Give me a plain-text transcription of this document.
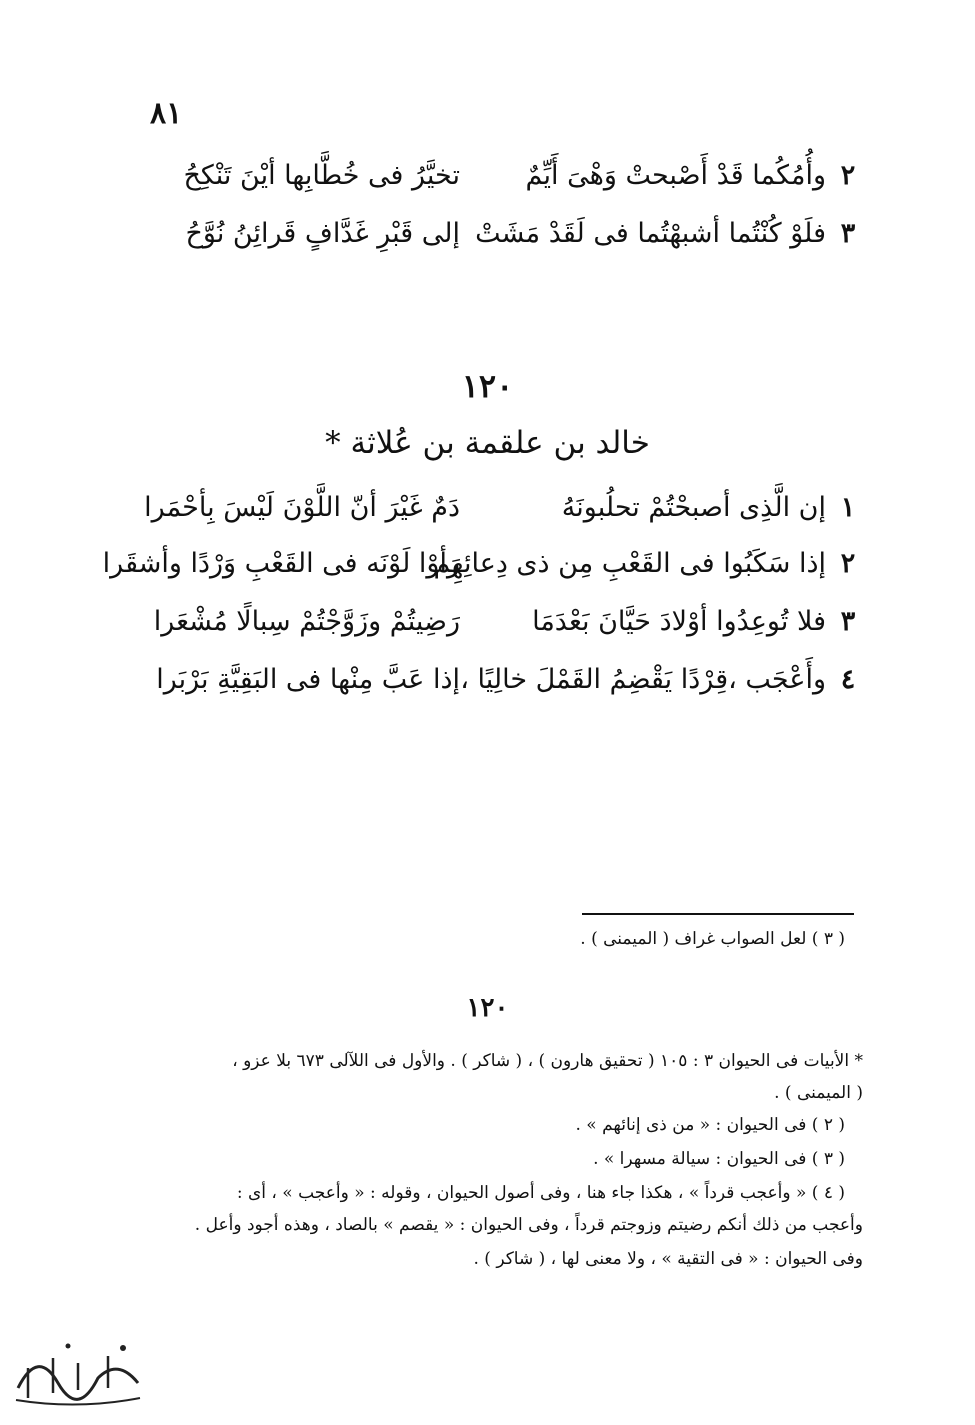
٨١
٢
وأُمُكُما قَدْ أَصْبحتْ وَهْىَ أَيِّمٌ
تخيَّرُ فى خُطَّابِها أيْنَ تَنْكِحُ
٣
فلَوْ كُنْتُما أشبهْتُما فى لَقَدْ مَشَتْ
إلى قَبْرِ غَدَّافٍ قَرائِنُ نُوَّحُ
١٢٠
خالد بن علقمة بن عُلاثة *
١
إن الَّذِى أصبحْتُمْ تحلُبونَهُ
دَمٌ غَيْرَ أنّ اللَّوْنَ لَيْسَ بِأحْمَرا
٢
إذا سَكَبُوا فى القَعْبِ مِن ذى دِعائِهِم
رَأوْا لَوْنَه فى القَعْبِ وَرْدًا وأشقَرا
٣
فلا تُوعِدُوا أوْلادَ حَيَّانَ بَعْدَمَا
رَضِيتُمْ وزَوَّجْتُمْ سِبالًا مُشْعَرا
٤
وأَعْجَب ،قِرْدًا يَقْضِمُ القَمْلَ خالِيًا ،
إذا عَبَّ مِنْها فى البَقِيَّةِ بَرْبَرا
( ٣ ) لعل الصواب غراف ( الميمنى ) .
١٢٠
* الأبيات فى الحيوان ٣ : ١٠٥ ( تحقيق هارون ) ، ( شاكر ) . والأول فى اللآلى ٦٧٣ بلا عزو ،
( الميمنى ) .
( ٢ ) فى الحيوان : « من ذى إنائهم » .
( ٣ ) فى الحيوان : سيالة مسهرا » .
( ٤ ) « وأعجب قرداً » ، هكذا جاء هنا ، وفى أصول الحيوان ، وقوله : « وأعجب » ، أى :
وأعجب من ذلك أنكم رضيتم وزوجتم قرداً ، وفى الحيوان : « يقصم » بالصاد ، وهذه أجود وأعل .
وفى الحيوان : « فى التقية » ، ولا معنى لها ، ( شاكر ) .
